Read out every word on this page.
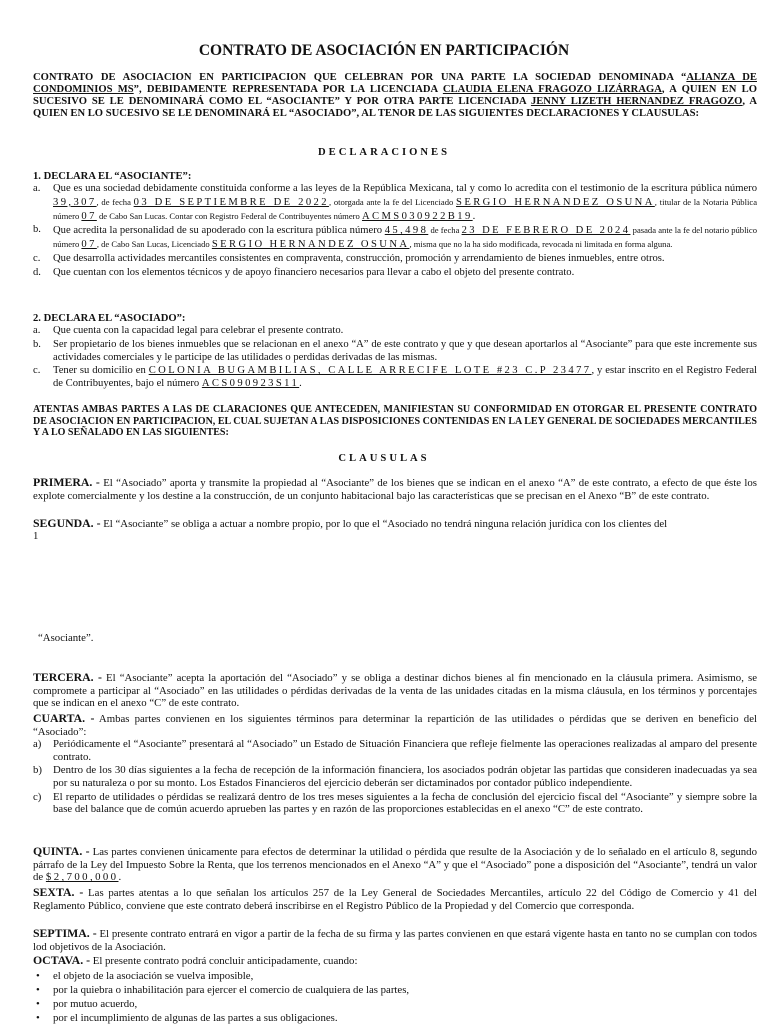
CONTRATO DE ASOCIACIÓN EN PARTICIPACIÓN

CONTRATO DE ASOCIACION EN PARTICIPACION QUE CELEBRAN POR UNA PARTE LA SOCIEDAD DENOMINADA “ALIANZA DE CONDOMINIOS MS”, DEBIDAMENTE REPRESENTADA POR LA LICENCIADA CLAUDIA ELENA FRAGOZO LIZÁRRAGA, A QUIEN EN LO SUCESIVO SE LE DENOMINARÁ COMO EL “ASOCIANTE” Y POR OTRA PARTE LICENCIADA JENNY LIZETH HERNANDEZ FRAGOZO, A QUIEN EN LO SUCESIVO SE LE DENOMINARÁ EL “ASOCIADO”, AL TENOR DE LAS SIGUIENTES DECLARACIONES Y CLAUSULAS:

DECLARACIONES
1. DECLARA EL “ASOCIANTE”:
a. Que es una sociedad debidamente constituida conforme a las leyes de la República Mexicana, tal y como lo acredita con el testimonio de la escritura pública número 39,307, de fecha 03 DE SEPTIEMBRE DE 2022, otorgada ante la fe del Licenciado SERGIO HERNANDEZ OSUNA, titular de la Notaria Pública número 07 de Cabo San Lucas. Contar con Registro Federal de Contribuyentes número ACMS030922B19.
b. Que acredita la personalidad de su apoderado con la escritura pública número 45,498 de fecha 23 DE FEBRERO DE 2024 pasada ante la fe del notario público número 07, de Cabo San Lucas, Licenciado SERGIO HERNANDEZ OSUNA, misma que no la ha sido modificada, revocada ni limitada en forma alguna.
c. Que desarrolla actividades mercantiles consistentes en compraventa, construcción, promoción y arrendamiento de bienes inmuebles, entre otros.
d. Que cuentan con los elementos técnicos y de apoyo financiero necesarios para llevar a cabo el objeto del presente contrato.
2. DECLARA EL “ASOCIADO”:
a. Que cuenta con la capacidad legal para celebrar el presente contrato.
b. Ser propietario de los bienes inmuebles que se relacionan en el anexo “A” de este contrato y que y que desean aportarlos al “Asociante” para que este incremente sus actividades comerciales y le participe de las utilidades o perdidas derivadas de las mismas.
c. Tener su domicilio en COLONIA BUGAMBILIAS, CALLE ARRECIFE LOTE #23 C.P 23477, y estar inscrito en el Registro Federal de Contribuyentes, bajo el número ACS090923S11.

ATENTAS AMBAS PARTES A LAS DE CLARACIONES QUE ANTECEDEN, MANIFIESTAN SU CONFORMIDAD EN OTORGAR EL PRESENTE CONTRATO DE ASOCIACION EN PARTICIPACION, EL CUAL SUJETAN A LAS DISPOSICIONES CONTENIDAS EN LA LEY GENERAL DE SOCIEDADES MERCANTILES Y A LO SEÑALADO EN LAS SIGUIENTES:

CLAUSULAS

PRIMERA. - El “Asociado” aporta y transmite la propiedad al “Asociante” de los bienes que se indican en el anexo “A” de este contrato, a efecto de que éste los explote comercialmente y los destine a la construcción, de un conjunto habitacional bajo las características que se precisan en el Anexo “B” de este contrato.

SEGUNDA. - El “Asociante” se obliga a actuar a nombre propio, por lo que el “Asociado no tendrá ninguna relación jurídica con los clientes del

1
“Asociante”.

TERCERA. - El “Asociante” acepta la aportación del “Asociado” y se obliga a destinar dichos bienes al fin mencionado en la cláusula primera. Asimismo, se compromete a participar al “Asociado” en las utilidades o pérdidas derivadas de la venta de las unidades citadas en la misma cláusula, en los términos y porcentajes que se indican en el anexo “C” de este contrato.

CUARTA. - Ambas partes convienen en los siguientes términos para determinar la repartición de las utilidades o pérdidas que se deriven en beneficio del “Asociado”:

a) Periódicamente el “Asociante” presentará al “Asociado” un Estado de Situación Financiera que refleje fielmente las operaciones realizadas al amparo del presente contrato.
b) Dentro de los 30 días siguientes a la fecha de recepción de la información financiera, los asociados podrán objetar las partidas que consideren inadecuadas ya sea por su naturaleza o por su monto. Los Estados Financieros del ejercicio deberán ser dictaminados por contador público independiente.
c) El reparto de utilidades o pérdidas se realizará dentro de los tres meses siguientes a la fecha de conclusión del ejercicio fiscal del “Asociante” y siempre sobre la base del balance que de común acuerdo aprueben las partes y en razón de las proporciones establecidas en el anexo “C” de este contrato.

QUINTA. - Las partes convienen únicamente para efectos de determinar la utilidad o pérdida que resulte de la Asociación y de lo señalado en el artículo 8, segundo párrafo de la Ley del Impuesto Sobre la Renta, que los terrenos mencionados en el Anexo “A” y que el “Asociado” pone a disposición del “Asociante”, tendrá un valor de $2,700,000.

SEXTA. - Las partes atentas a lo que señalan los artículos 257 de la Ley General de Sociedades Mercantiles, artículo 22 del Código de Comercio y 41 del Reglamento Público, conviene que este contrato deberá inscribirse en el Registro Público de la Propiedad y del Comercio que corresponda.

SEPTIMA. - El presente contrato entrará en vigor a partir de la fecha de su firma y las partes convienen en que estará vigente hasta en tanto no se cumplan con todos lod objetivos de la Asociación.

OCTAVA. - El presente contrato podrá concluir anticipadamente, cuando:

• el objeto de la asociación se vuelva imposible,
• por la quiebra o inhabilitación para ejercer el comercio de cualquiera de las partes,
• por mutuo acuerdo,
• por el incumplimiento de algunas de las partes a sus obligaciones.
